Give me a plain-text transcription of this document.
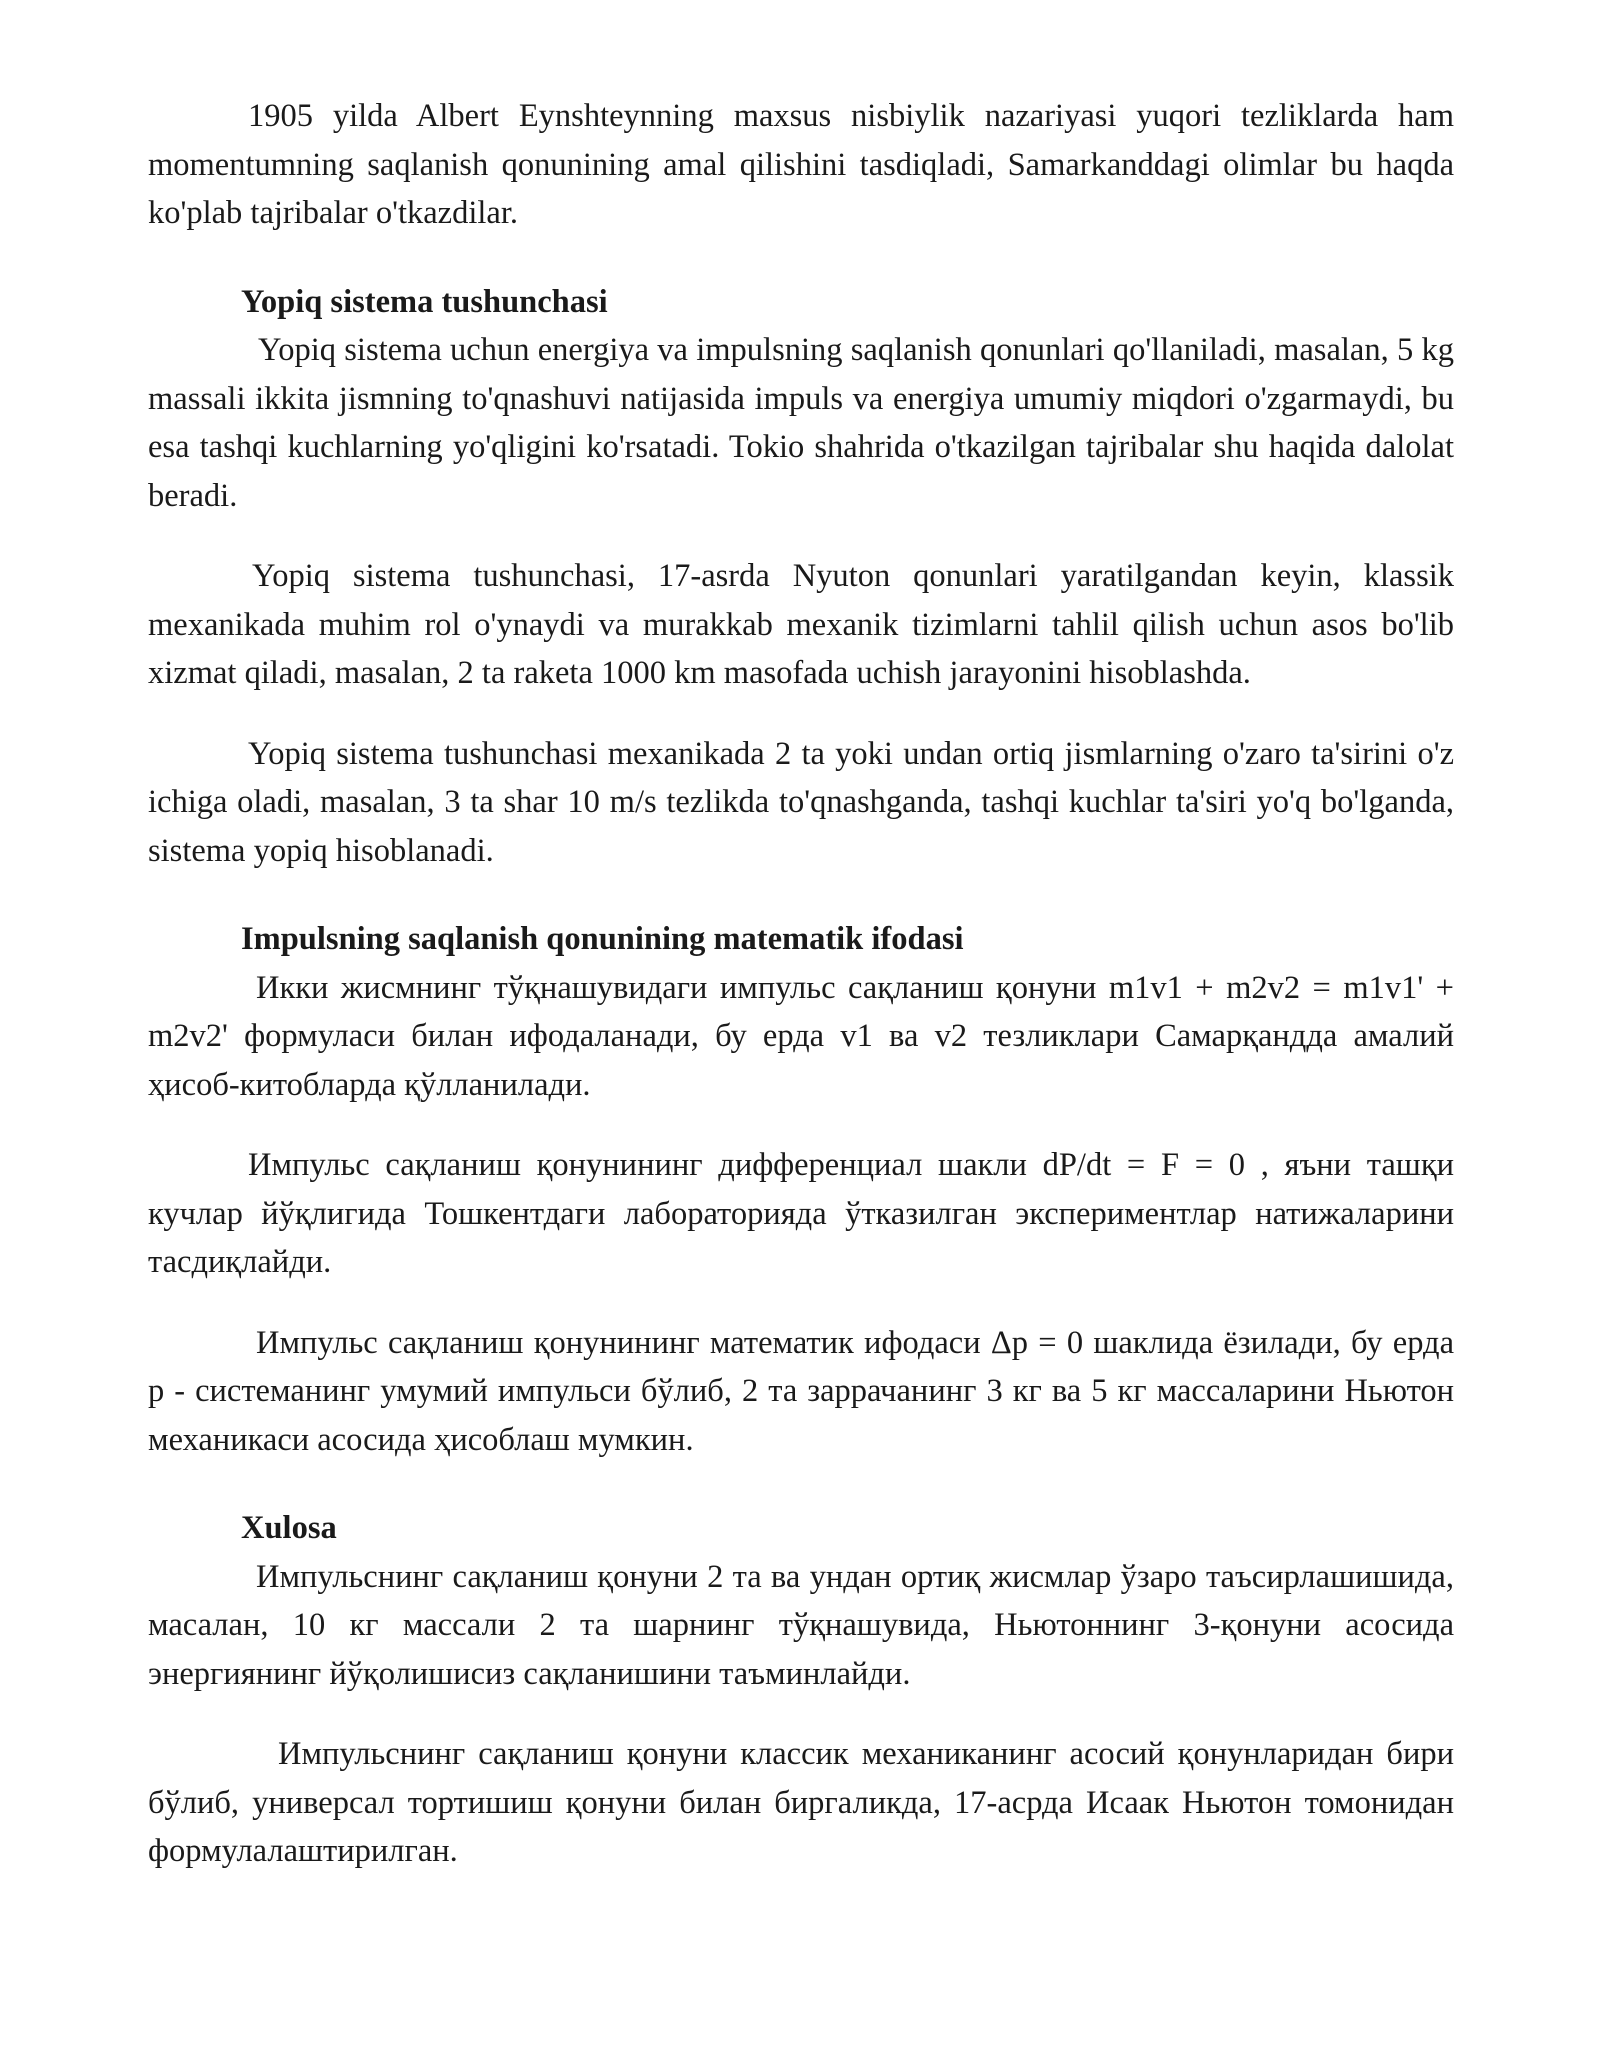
1905 yilda Albert Eynshteynning maxsus nisbiylik nazariyasi yuqori tezliklarda ham momentumning saqlanish qonunining amal qilishini tasdiqladi, Samarkanddagi olimlar bu haqda ko'plab tajribalar o'tkazdilar.

Yopiq sistema tushunchasi

Yopiq sistema uchun energiya va impulsning saqlanish qonunlari qo'llaniladi, masalan, 5 kg massali ikkita jismning to'qnashuvi natijasida impuls va energiya umumiy miqdori o'zgarmaydi, bu esa tashqi kuchlarning yo'qligini ko'rsatadi. Tokio shahrida o'tkazilgan tajribalar shu haqida dalolat beradi.

Yopiq sistema tushunchasi, 17-asrda Nyuton qonunlari yaratilgandan keyin, klassik mexanikada muhim rol o'ynaydi va murakkab mexanik tizimlarni tahlil qilish uchun asos bo'lib xizmat qiladi, masalan, 2 ta raketa 1000 km masofada uchish jarayonini hisoblashda.

Yopiq sistema tushunchasi mexanikada 2 ta yoki undan ortiq jismlarning o'zaro ta'sirini o'z ichiga oladi, masalan, 3 ta shar 10 m/s tezlikda to'qnashganda, tashqi kuchlar ta'siri yo'q bo'lganda, sistema yopiq hisoblanadi.

Impulsning saqlanish qonunining matematik ifodasi

Икки жисмнинг тўқнашувидаги импульс сақланиш қонуни m1v1 + m2v2 = m1v1' + m2v2' формуласи билан ифодаланади, бу ерда v1 ва v2 тезликлари Самарқандда амалий ҳисоб-китобларда қўлланилади.

Импульс сақланиш қонунининг дифференциал шакли dP/dt = F = 0 , яъни ташқи кучлар йўқлигида Тошкентдаги лабораторияда ўтказилган экспериментлар натижаларини тасдиқлайди.

Импульс сақланиш қонунининг математик ифодаси Δp = 0 шаклида ёзилади, бу ерда p - системанинг умумий импульси бўлиб, 2 та заррачанинг 3 кг ва 5 кг массаларини Ньютон механикаси асосида ҳисоблаш мумкин.

Xulosa

Импульснинг сақланиш қонуни 2 та ва ундан ортиқ жисмлар ўзаро таъсирлашишида, масалан, 10 кг массали 2 та шарнинг тўқнашувида, Ньютоннинг 3-қонуни асосида энергиянинг йўқолишисиз сақланишини таъминлайди.

Импульснинг сақланиш қонуни классик механиканинг асосий қонунларидан бири бўлиб, универсал тортишиш қонуни билан биргаликда, 17-асрда Исаак Ньютон томонидан формулалаштирилган.
